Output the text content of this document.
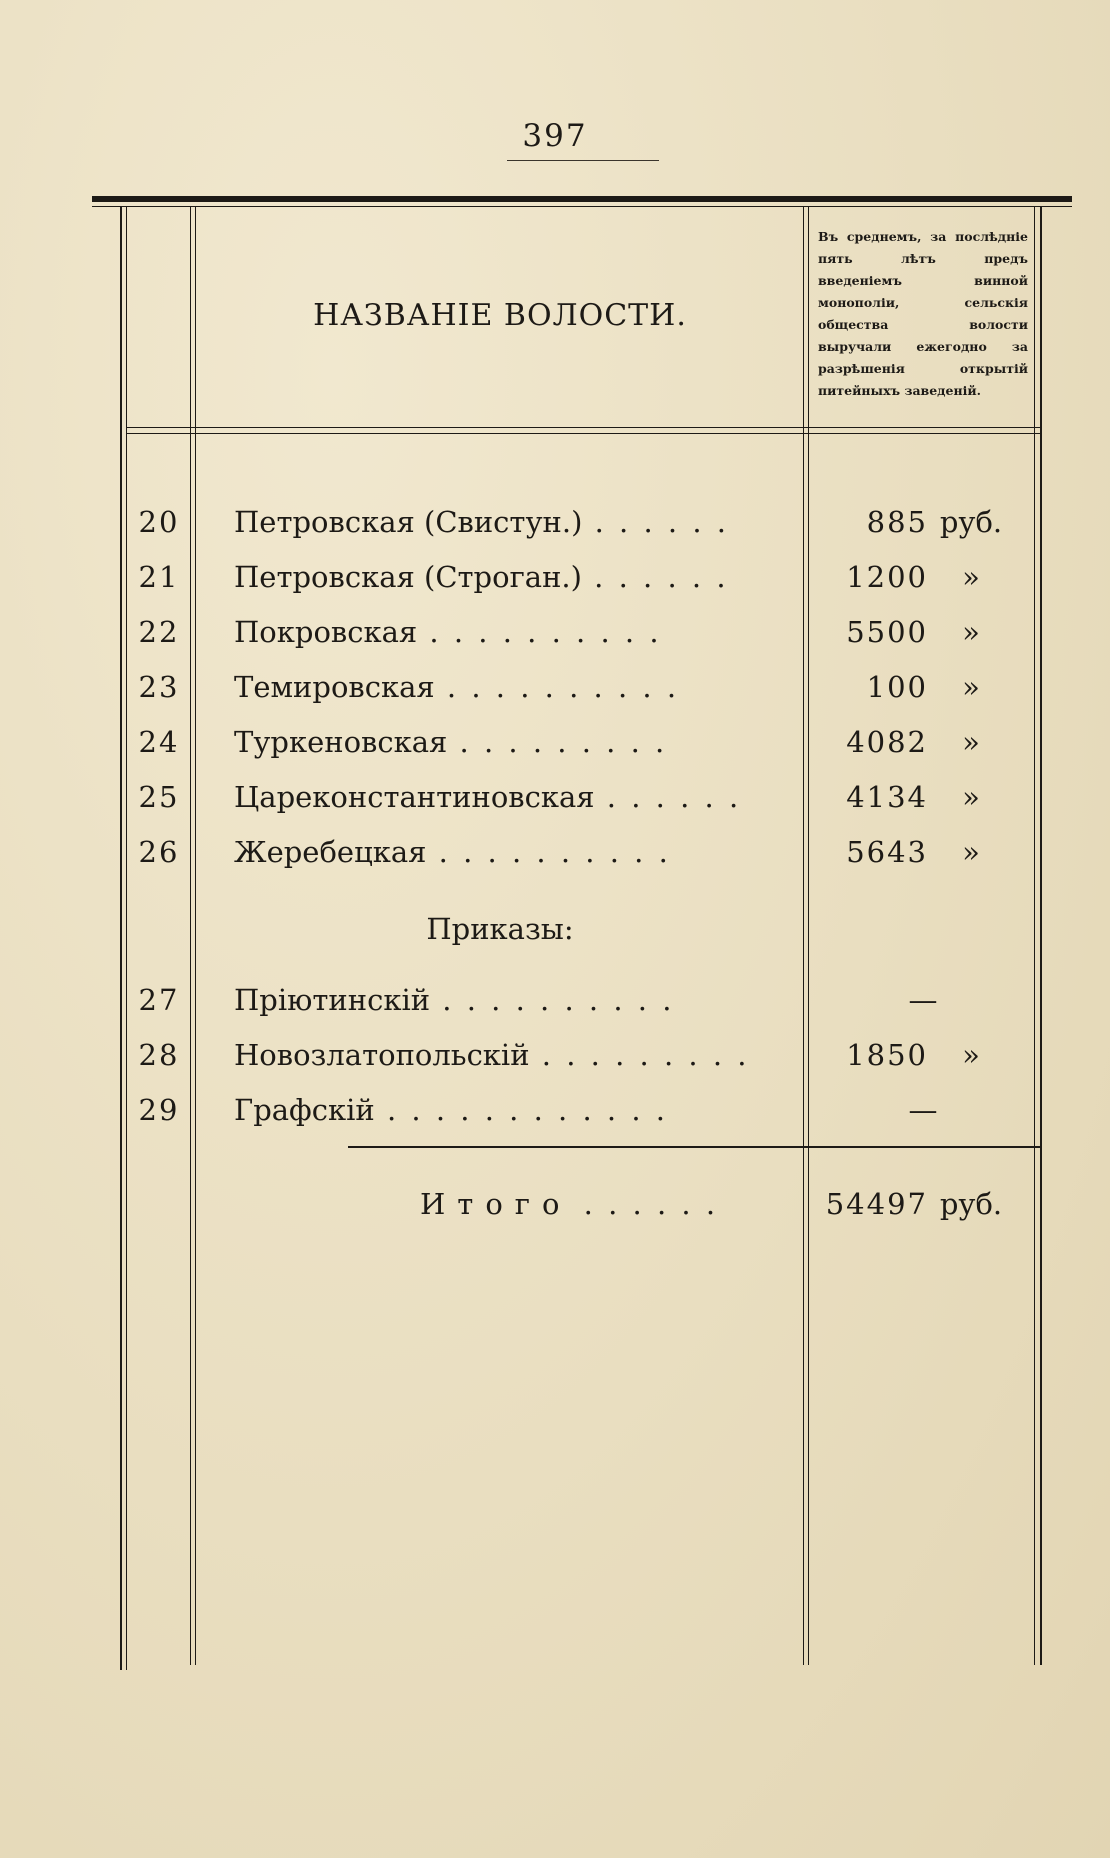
397
НАЗВАНІЕ ВОЛОСТИ.
Въ среднемъ, за послѣдніе пять лѣтъ предъ введеніемъ винной монополіи, сельскія общества волости выручали ежегодно за разрѣшенія открытій питейныхъ заведеній.
20	Петровская (Свистун.) . . . . . .	885 руб.
21	Петровская (Строган.) . . . . . .	1200	»
22	Покровская . . . . . . . . . .	5500	»
23	Темировская . . . . . . . . . .	100	»
24	Туркеновская . . . . . . . . .	4082	»
25	Цареконстантиновская . . . . . .	4134	»
26	Жеребецкая . . . . . . . . . .	5643	»
Приказы:
27	Пріютинскій . . . . . . . . . .	—
28	Новозлатопольскій . . . . . . . . .	1850	»
29	Графскій . . . . . . . . . . . .	—
Итого . . . . . .	54497 руб.
